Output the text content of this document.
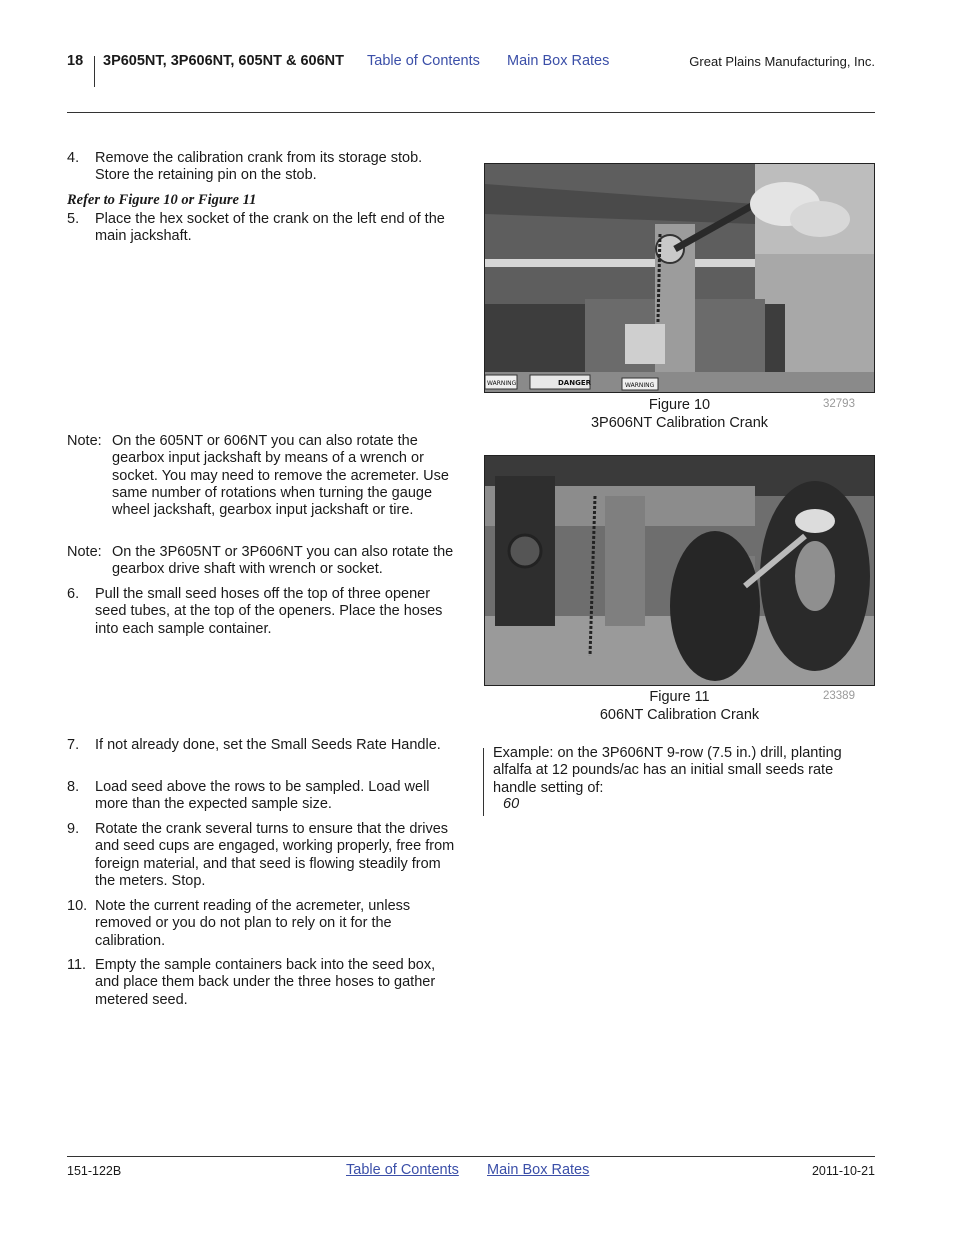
18 3P605NT, 3P606NT, 605NT & 606NT Table of Contents Main Box Rates	Great Plains Manufacturing, Inc.
4. Remove the calibration crank from its storage stob. Store the retaining pin on the stob.
Refer to Figure 10 or Figure 11
5. Place the hex socket of the crank on the left end of the main jackshaft.
Note: On the 605NT or 606NT you can also rotate the gearbox input jackshaft by means of a wrench or socket. You may need to remove the acremeter. Use same number of rotations when turning the gauge wheel jackshaft, gearbox input jackshaft or tire.
Note: On the 3P605NT or 3P606NT you can also rotate the gearbox drive shaft with wrench or socket.
6. Pull the small seed hoses off the top of three opener seed tubes, at the top of the openers. Place the hoses into each sample container.
7. If not already done, set the Small Seeds Rate Handle.
8. Load seed above the rows to be sampled. Load well more than the expected sample size.
9. Rotate the crank several turns to ensure that the drives and seed cups are engaged, working properly, free from foreign material, and that seed is flowing steadily from the meters. Stop.
10. Note the current reading of the acremeter, unless removed or you do not plan to rely on it for the calibration.
11. Empty the sample containers back into the seed box, and place them back under the three hoses to gather metered seed.
WARNING	DANGER	WARNING
Figure 10
3P606NT Calibration Crank
32793
Figure 11
606NT Calibration Crank
23389
Example: on the 3P606NT 9-row (7.5 in.) drill, planting alfalfa at 12 pounds/ac has an initial small seeds rate handle setting of:
60
151-122B	Table of Contents Main Box Rates	2011-10-21
